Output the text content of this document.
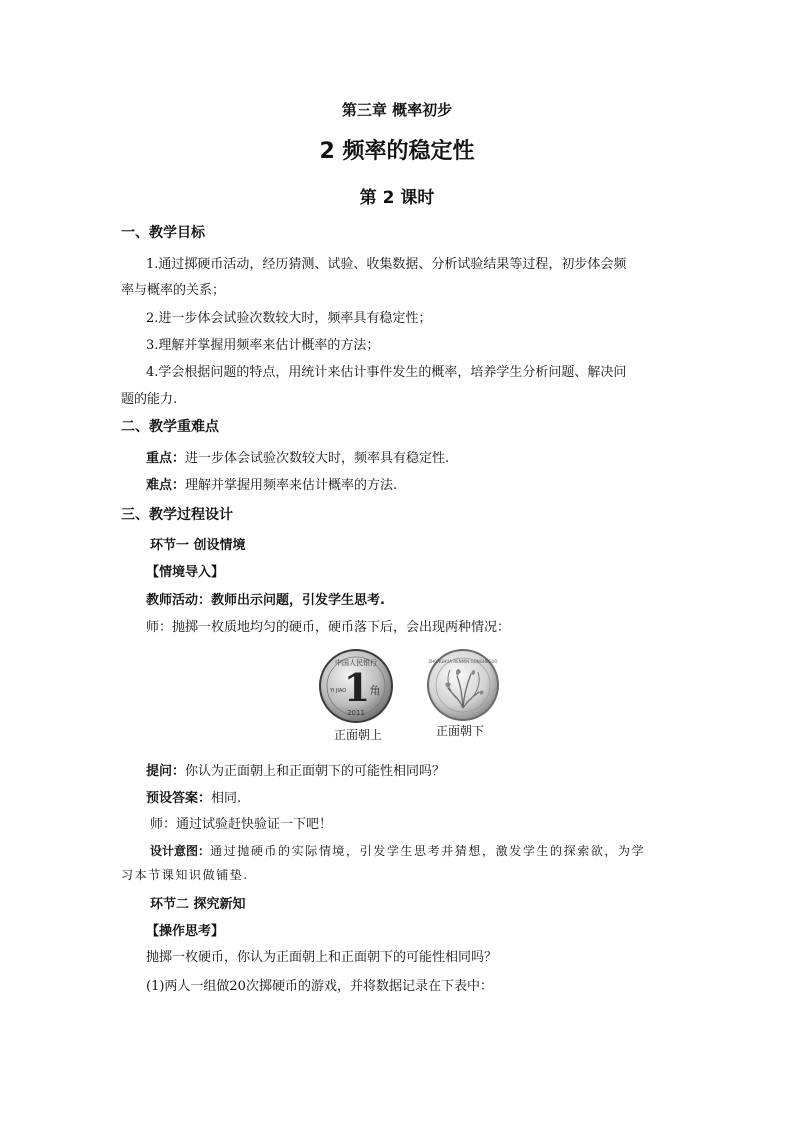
第三章 概率初步
2 频率的稳定性
第 2 课时
一、教学目标
1.通过掷硬币活动，经历猜测、试验、收集数据、分析试验结果等过程，初步体会频
率与概率的关系；
2.进一步体会试验次数较大时，频率具有稳定性；
3.理解并掌握用频率来估计概率的方法；
4.学会根据问题的特点，用统计来估计事件发生的概率，培养学生分析问题、解决问
题的能力.
二、教学重难点
重点：进一步体会试验次数较大时，频率具有稳定性.
难点：理解并掌握用频率来估计概率的方法.
三、教学过程设计
环节一 创设情境
【情境导入】
教师活动：教师出示问题，引发学生思考.
师：抛掷一枚质地均匀的硬币，硬币落下后，会出现两种情况：
中国人民银行
1 角
YI JIAO
2011
正面朝上
ZHONGHUA RENMIN GONGHEGUO
正面朝下
提问：你认为正面朝上和正面朝下的可能性相同吗？
预设答案：相同.
师：通过试验赶快验证一下吧！
设计意图：通过抛硬币的实际情境，引发学生思考并猜想，激发学生的探索欲，为学
习本节课知识做铺垫.
环节二 探究新知
【操作思考】
抛掷一枚硬币，你认为正面朝上和正面朝下的可能性相同吗？
(1)两人一组做20次掷硬币的游戏，并将数据记录在下表中：
